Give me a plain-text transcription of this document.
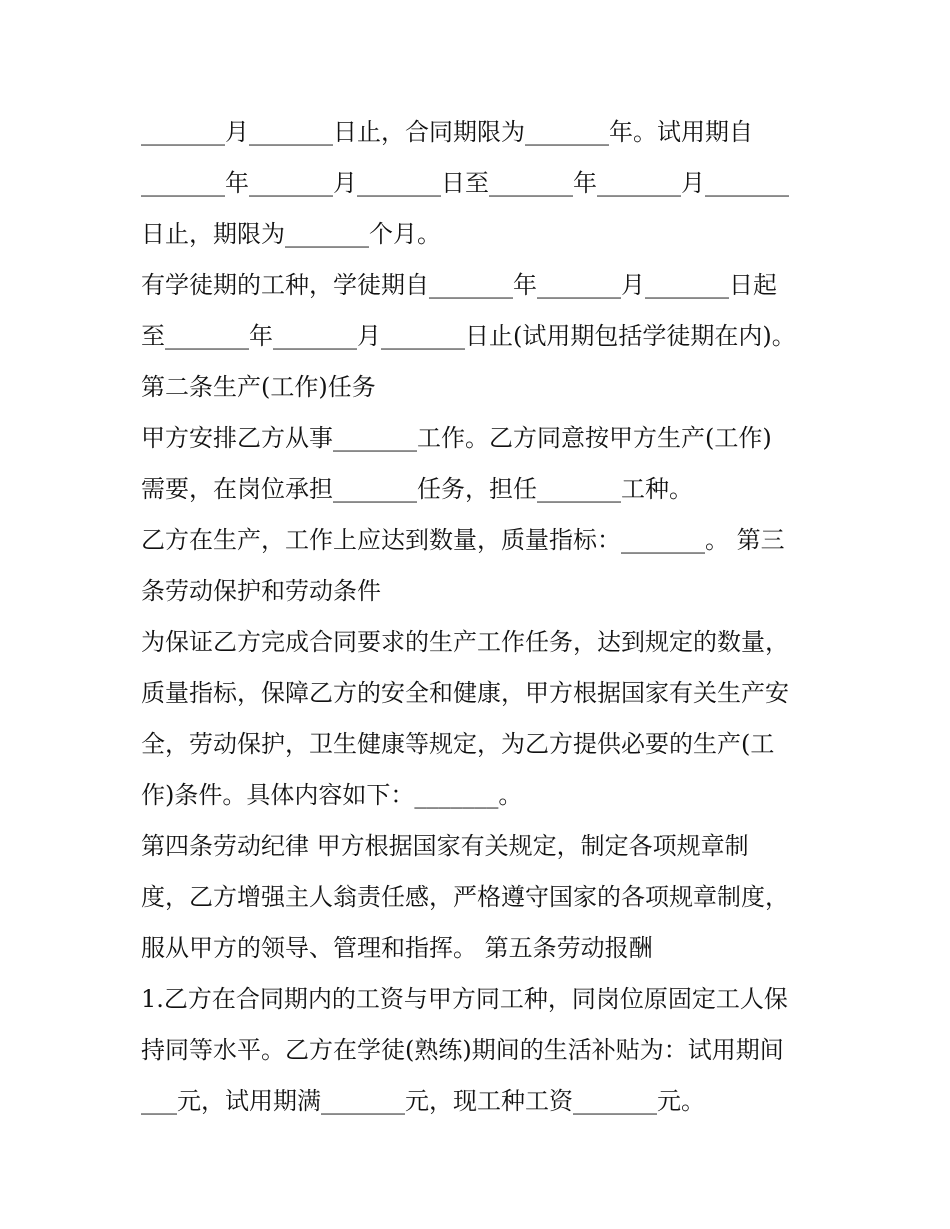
_______月_______日止，合同期限为_______年。试用期自
_______年_______月_______日至_______年_______月_______
日止，期限为_______个月。
有学徒期的工种，学徒期自_______年_______月_______日起
至_______年_______月_______日止(试用期包括学徒期在内)。
第二条生产(工作)任务
甲方安排乙方从事_______工作。乙方同意按甲方生产(工作)
需要，在岗位承担_______任务，担任_______工种。
乙方在生产，工作上应达到数量，质量指标：_______。 第三
条劳动保护和劳动条件
为保证乙方完成合同要求的生产工作任务，达到规定的数量，
质量指标，保障乙方的安全和健康，甲方根据国家有关生产安
全，劳动保护，卫生健康等规定，为乙方提供必要的生产(工
作)条件。具体内容如下：_______。
第四条劳动纪律 甲方根据国家有关规定，制定各项规章制
度，乙方增强主人翁责任感，严格遵守国家的各项规章制度，
服从甲方的领导、管理和指挥。 第五条劳动报酬
1.乙方在合同期内的工资与甲方同工种，同岗位原固定工人保
持同等水平。乙方在学徒(熟练)期间的生活补贴为：试用期间
___元，试用期满_______元，现工种工资_______元。
